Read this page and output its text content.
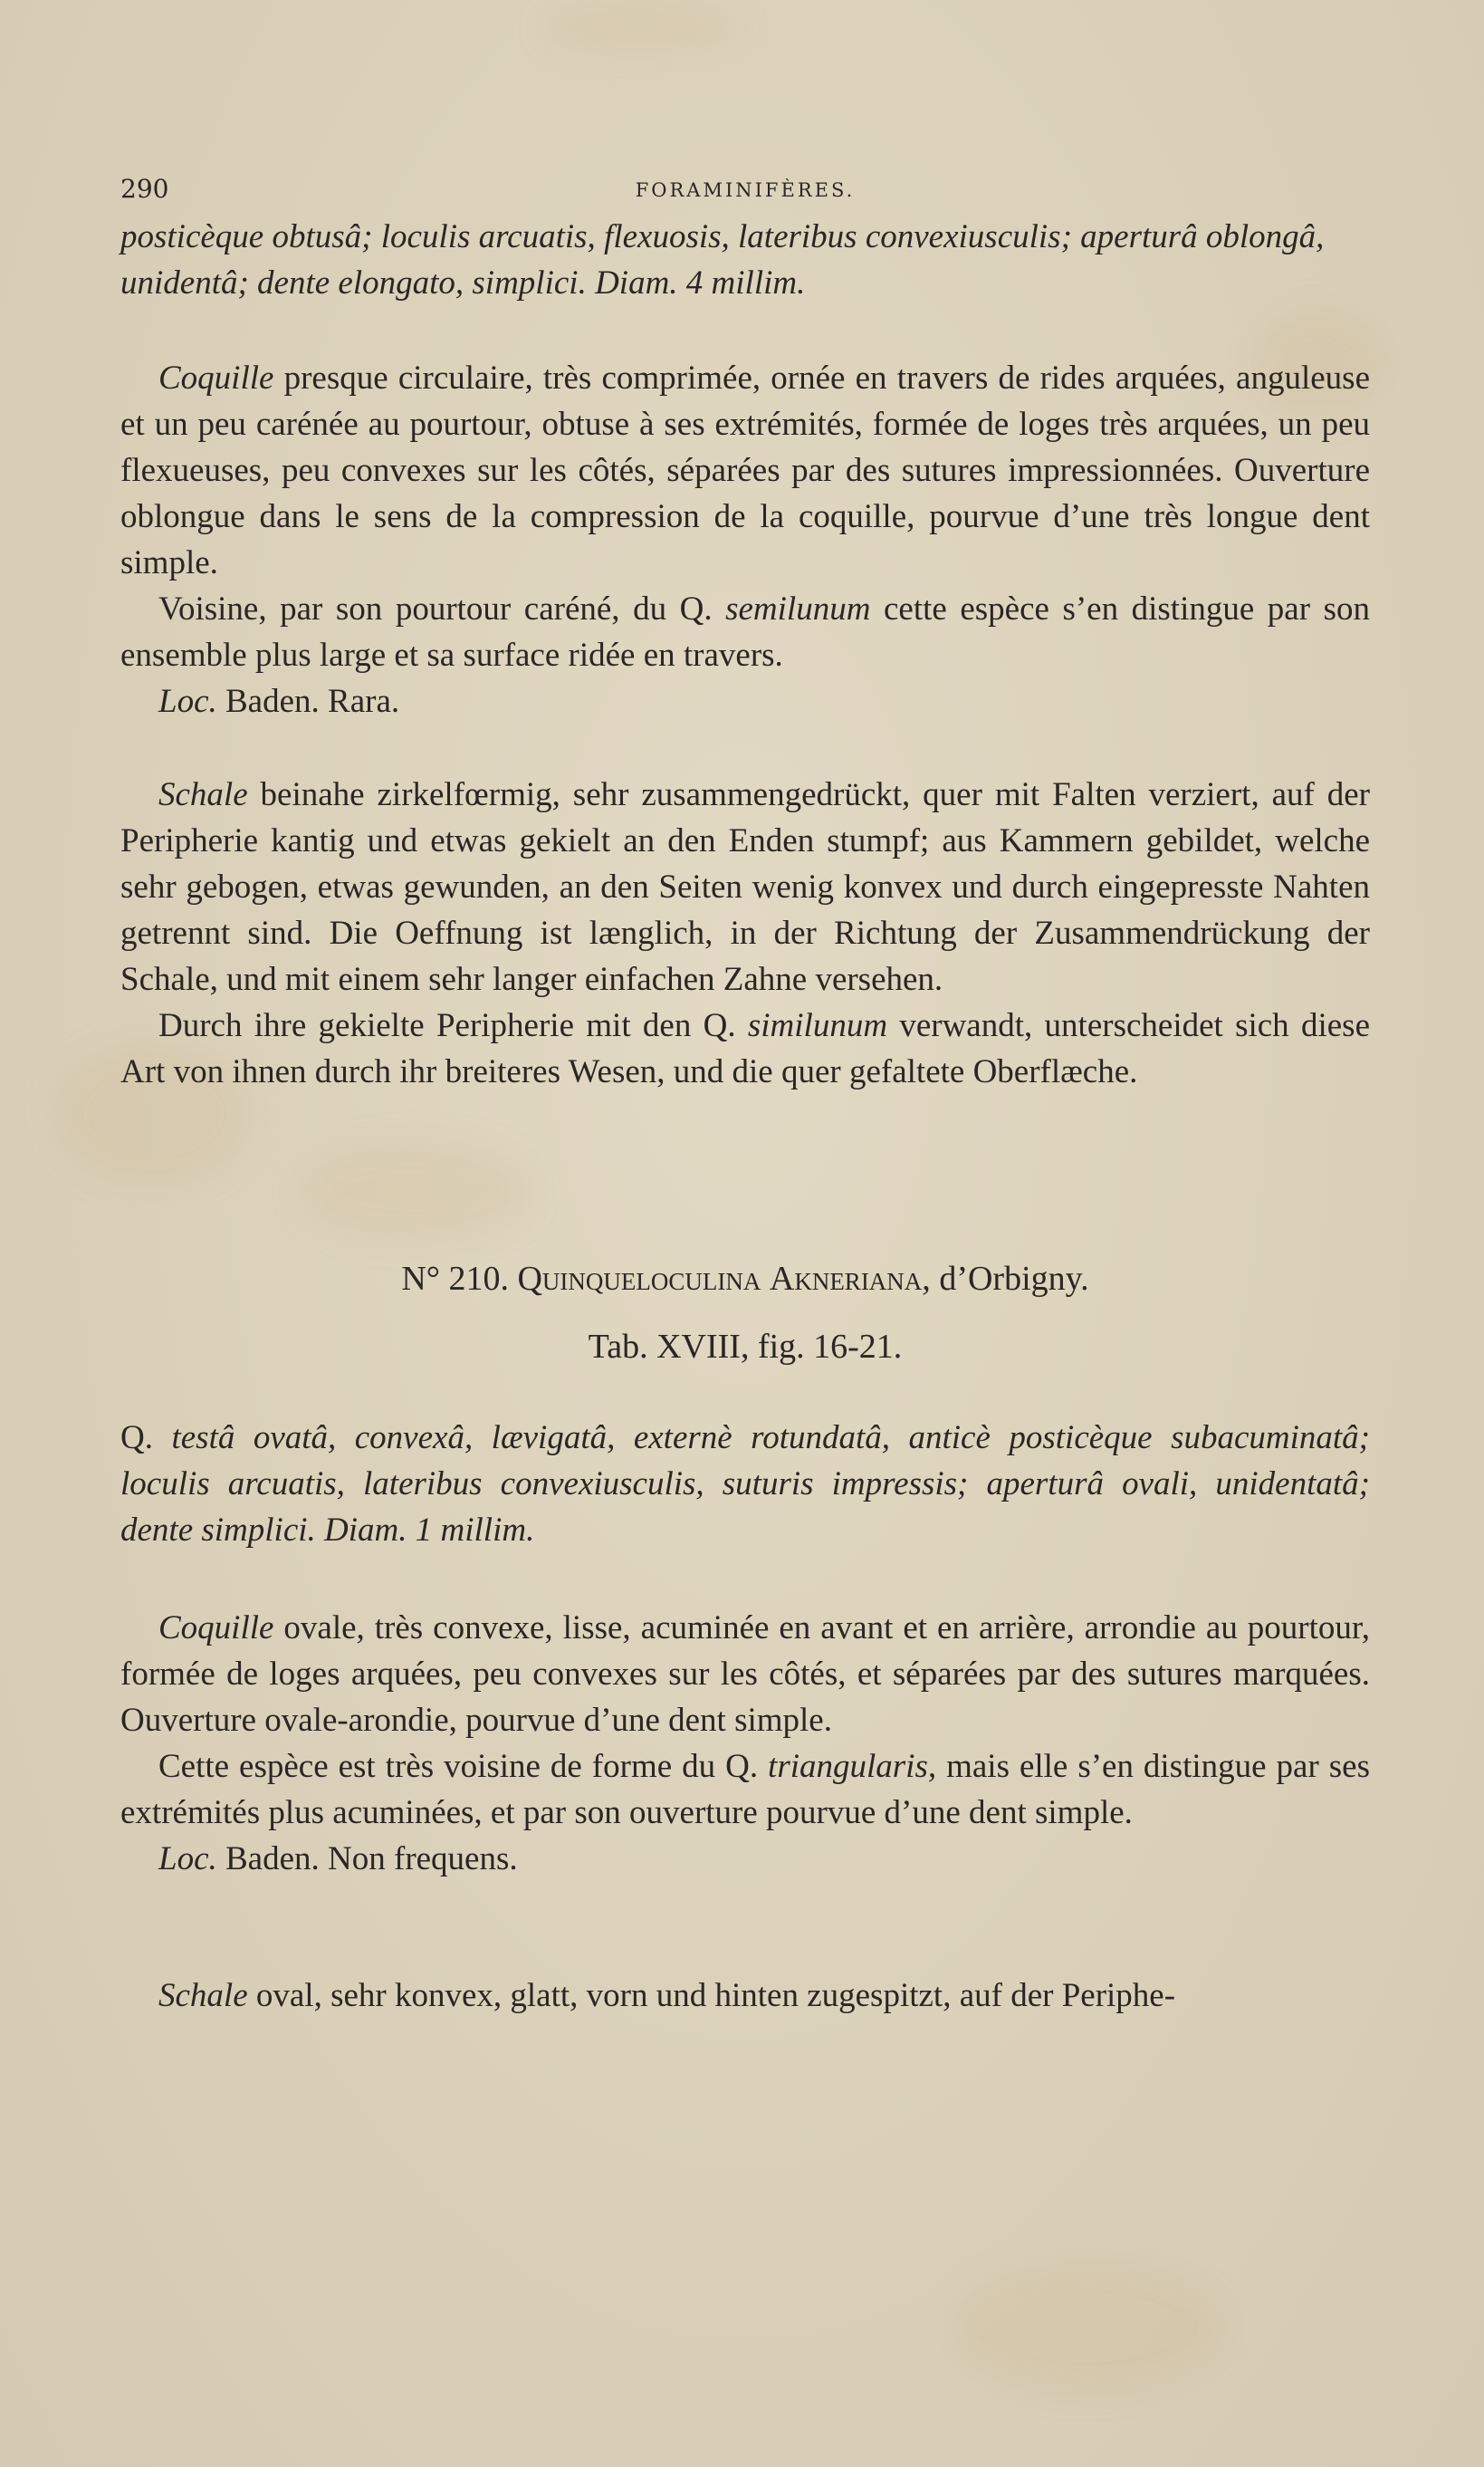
290	FORAMINIFÈRES.

posticèque obtusâ; loculis arcuatis, flexuosis, lateribus convexiusculis; aperturâ oblongâ,

unidentâ; dente elongato, simplici. Diam. 4 millim.

Coquille presque circulaire, très comprimée, ornée en travers de rides arquées, anguleuse et un peu carénée au pourtour, obtuse à ses extrémités, formée de loges très arquées, un peu flexueuses, peu convexes sur les côtés, séparées par des sutures impressionnées. Ouverture oblongue dans le sens de la compression de la coquille, pourvue d’une très longue dent simple.

Voisine, par son pourtour caréné, du Q. semilunum cette espèce s’en distingue par son ensemble plus large et sa surface ridée en travers.

Loc. Baden. Rara.

Schale beinahe zirkelfœrmig, sehr zusammengedrückt, quer mit Falten verziert, auf der Peripherie kantig und etwas gekielt an den Enden stumpf; aus Kammern gebildet, welche sehr gebogen, etwas gewunden, an den Seiten wenig konvex und durch eingepresste Nahten getrennt sind. Die Oeffnung ist længlich, in der Richtung der Zusammendrückung der Schale, und mit einem sehr langer einfachen Zahne versehen.

Durch ihre gekielte Peripherie mit den Q. similunum verwandt, unterscheidet sich diese Art von ihnen durch ihr breiteres Wesen, und die quer gefaltete Oberflæche.

N° 210. Quinqueloculina Akneriana, d’Orbigny.
Tab. XVIII, fig. 16-21.

Q. testâ ovatâ, convexâ, lævigatâ, externè rotundatâ, anticè posticèque subacuminatâ; loculis arcuatis, lateribus convexiusculis, suturis impressis; aperturâ ovali, unidentatâ; dente simplici. Diam. 1 millim.

Coquille ovale, très convexe, lisse, acuminée en avant et en arrière, arrondie au pourtour, formée de loges arquées, peu convexes sur les côtés, et séparées par des sutures marquées. Ouverture ovale-arondie, pourvue d’une dent simple.

Cette espèce est très voisine de forme du Q. triangularis, mais elle s’en distingue par ses extrémités plus acuminées, et par son ouverture pourvue d’une dent simple.

Loc. Baden. Non frequens.

Schale oval, sehr konvex, glatt, vorn und hinten zugespitzt, auf der Periphe-
